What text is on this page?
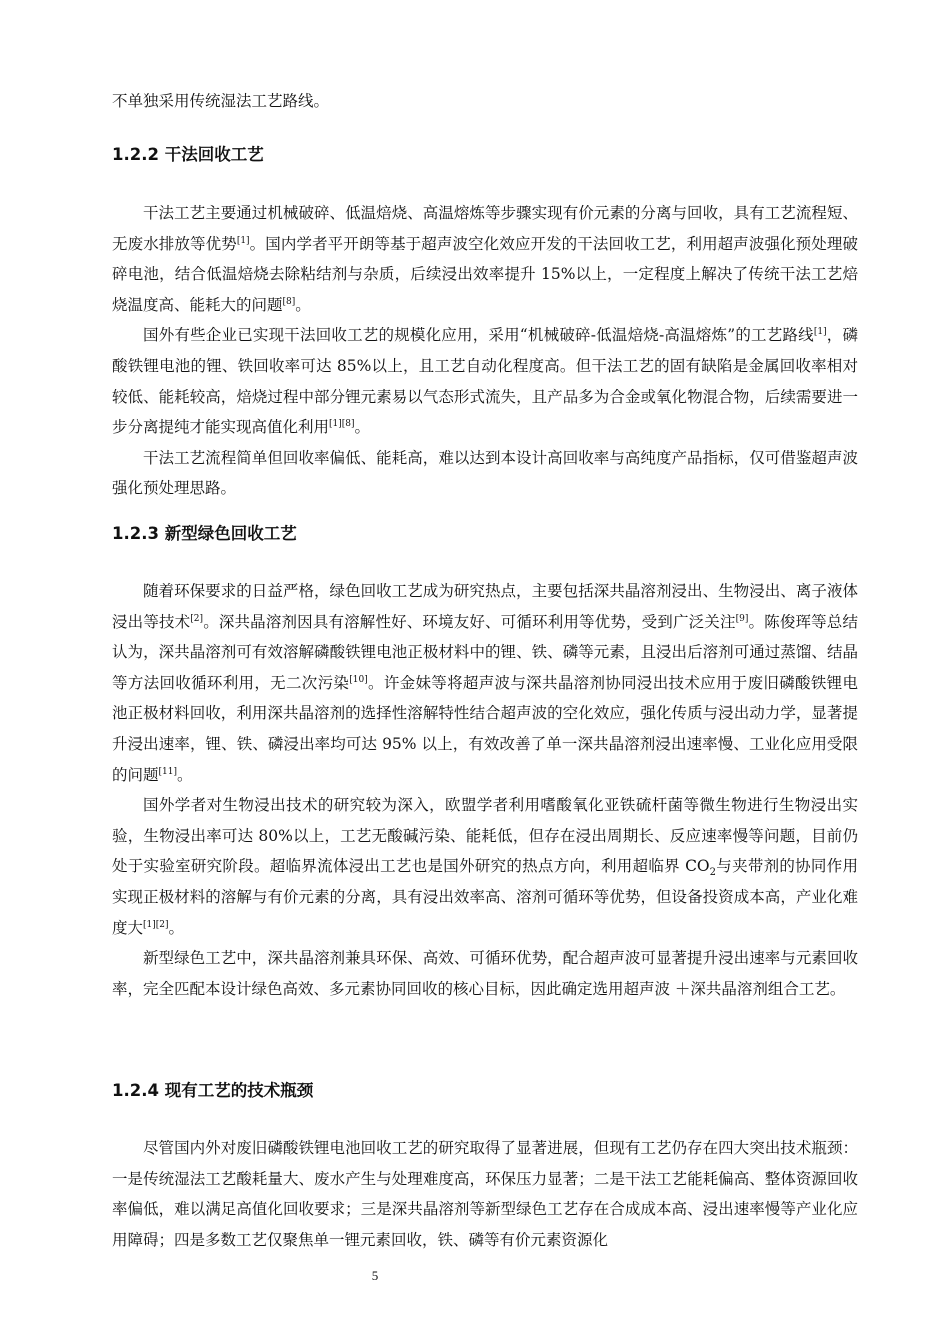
不单独采用传统湿法工艺路线。

1.2.2 干法回收工艺

干法工艺主要通过机械破碎、低温焙烧、高温熔炼等步骤实现有价元素的分离与回收，具有工艺流程短、无废水排放等优势[1]。国内学者平开朗等基于超声波空化效应开发的干法回收工艺，利用超声波强化预处理破碎电池，结合低温焙烧去除粘结剂与杂质，后续浸出效率提升 15%以上，一定程度上解决了传统干法工艺焙烧温度高、能耗大的问题[8]。

国外有些企业已实现干法回收工艺的规模化应用，采用“机械破碎-低温焙烧-高温熔炼”的工艺路线[1]，磷酸铁锂电池的锂、铁回收率可达 85%以上，且工艺自动化程度高。但干法工艺的固有缺陷是金属回收率相对较低、能耗较高，焙烧过程中部分锂元素易以气态形式流失，且产品多为合金或氧化物混合物，后续需要进一步分离提纯才能实现高值化利用[1][8]。

干法工艺流程简单但回收率偏低、能耗高，难以达到本设计高回收率与高纯度产品指标，仅可借鉴超声波强化预处理思路。

1.2.3 新型绿色回收工艺

随着环保要求的日益严格，绿色回收工艺成为研究热点，主要包括深共晶溶剂浸出、生物浸出、离子液体浸出等技术[2]。深共晶溶剂因具有溶解性好、环境友好、可循环利用等优势，受到广泛关注[9]。陈俊珲等总结认为，深共晶溶剂可有效溶解磷酸铁锂电池正极材料中的锂、铁、磷等元素，且浸出后溶剂可通过蒸馏、结晶等方法回收循环利用，无二次污染[10]。许金妹等将超声波与深共晶溶剂协同浸出技术应用于废旧磷酸铁锂电池正极材料回收，利用深共晶溶剂的选择性溶解特性结合超声波的空化效应，强化传质与浸出动力学，显著提升浸出速率，锂、铁、磷浸出率均可达 95% 以上，有效改善了单一深共晶溶剂浸出速率慢、工业化应用受限的问题[11]。

国外学者对生物浸出技术的研究较为深入，欧盟学者利用嗜酸氧化亚铁硫杆菌等微生物进行生物浸出实验，生物浸出率可达 80%以上，工艺无酸碱污染、能耗低，但存在浸出周期长、反应速率慢等问题，目前仍处于实验室研究阶段。超临界流体浸出工艺也是国外研究的热点方向，利用超临界 $CO_2$与夹带剂的协同作用实现正极材料的溶解与有价元素的分离，具有浸出效率高、溶剂可循环等优势，但设备投资成本高，产业化难度大[1][2]。

新型绿色工艺中，深共晶溶剂兼具环保、高效、可循环优势，配合超声波可显著提升浸出速率与元素回收率，完全匹配本设计绿色高效、多元素协同回收的核心目标，因此确定选用超声波 ＋深共晶溶剂组合工艺。

1.2.4 现有工艺的技术瓶颈

尽管国内外对废旧磷酸铁锂电池回收工艺的研究取得了显著进展，但现有工艺仍存在四大突出技术瓶颈：一是传统湿法工艺酸耗量大、废水产生与处理难度高，环保压力显著；二是干法工艺能耗偏高、整体资源回收率偏低，难以满足高值化回收要求；三是深共晶溶剂等新型绿色工艺存在合成成本高、浸出速率慢等产业化应用障碍；四是多数工艺仅聚焦单一锂元素回收，铁、磷等有价元素资源化

5
